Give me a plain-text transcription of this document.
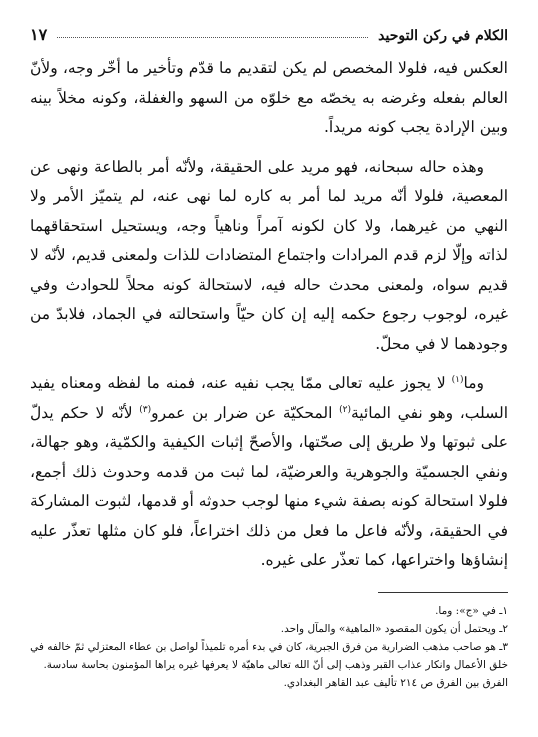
الكلام في ركن التوحيد
١٧

العكس فيه، فلولا المخصص لم يكن لتقديم ما قدّم وتأخير ما أخّر وجه، ولأنّ العالم بفعله وغرضه به يخصّه مع خلوّه من السهو والغفلة، وكونه مخلاً بينه وبين الإرادة يجب كونه مريداً.

وهذه حاله سبحانه، فهو مريد على الحقيقة، ولأنّه أمر بالطاعة ونهى عن المعصية، فلولا أنّه مريد لما أمر به كاره لما نهى عنه، لم يتميّز الأمر ولا النهي من غيرهما، ولا كان لكونه آمراً وناهياً وجه، ويستحيل استحقاقهما لذاته وإلّا لزم قدم المرادات واجتماع المتضادات للذات ولمعنى قديم، لأنّه لا قديم سواه، ولمعنى محدث حاله فيه، لاستحالة كونه محلاً للحوادث وفي غيره، لوجوب رجوع حكمه إليه إن كان حيّاً واستحالته في الجماد، فلابدّ من وجودهما لا في محلّ.

وما$^{(١)}$ لا يجوز عليه تعالى ممّا يجب نفيه عنه، فمنه ما لفظه ومعناه يفيد السلب، وهو نفي المائية$^{(٢)}$ المحكيّة عن ضرار بن عمرو$^{(٣)}$ لأنّه لا حكم يدلّ على ثبوتها ولا طريق إلى صحّتها، والأصحّ إثبات الكيفية والكمّية، وهو جهالة، ونفي الجسميّة والجوهرية والعرضيّة، لما ثبت من قدمه وحدوث ذلك أجمع، فلولا استحالة كونه بصفة شيء منها لوجب حدوثه أو قدمها، لثبوت المشاركة في الحقيقة، ولأنّه فاعل ما فعل من ذلك اختراعاً، فلو كان مثلها تعذّر عليه إنشاؤها واختراعها، كما تعذّر على غيره.

١ـ في «ج»: وما.

٢ـ ويحتمل أن يكون المقصود «الماهية» والمآل واحد.

٣ـ هو صاحب مذهب الضرارية من فرق الجبرية، كان في بدء أمره تلميذاً لواصل بن عطاء المعتزلي ثمّ خالفه في خلق الأعمال وانكار عذاب القبر وذهب إلى أنّ الله تعالى ماهيّة لا يعرفها غيره يراها المؤمنون بحاسة سادسة. الفرق بين الفرق ص ٢١٤ تأليف عبد القاهر البغدادي.
